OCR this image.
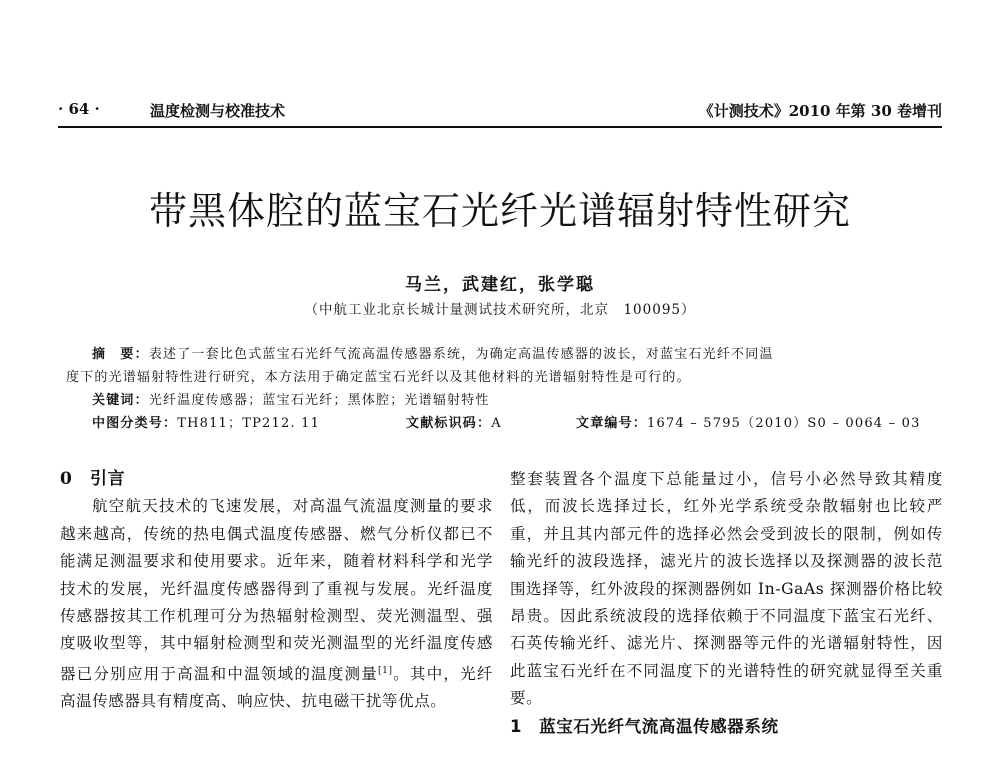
· 64 ·	温度检测与校准技术	《计测技术》2010 年第 30 卷增刊
带黑体腔的蓝宝石光纤光谱辐射特性研究
马兰，武建红，张学聪
（中航工业北京长城计量测试技术研究所，北京　100095）
摘　要：表述了一套比色式蓝宝石光纤气流高温传感器系统，为确定高温传感器的波长，对蓝宝石光纤不同温
度下的光谱辐射特性进行研究，本方法用于确定蓝宝石光纤以及其他材料的光谱辐射特性是可行的。
关键词：光纤温度传感器；蓝宝石光纤；黑体腔；光谱辐射特性
中图分类号：TH811；TP212. 11	文献标识码：A	文章编号：1674 – 5795（2010）S0 – 0064 – 03
0　引言
航空航天技术的飞速发展，对高温气流温度测量的要求越来越高，传统的热电偶式温度传感器、燃气分析仪都已不能满足测温要求和使用要求。近年来，随着材料科学和光学技术的发展，光纤温度传感器得到了重视与发展。光纤温度传感器按其工作机理可分为热辐射检测型、荧光测温型、强度吸收型等，其中辐射检测型和荧光测温型的光纤温度传感器已分别应用于高温和中温领域的温度测量[1]。其中，光纤高温传感器具有精度高、响应快、抗电磁干扰等优点。
整套装置各个温度下总能量过小，信号小必然导致其精度低，而波长选择过长，红外光学系统受杂散辐射也比较严重，并且其内部元件的选择必然会受到波长的限制，例如传输光纤的波段选择，滤光片的波长选择以及探测器的波长范围选择等，红外波段的探测器例如 In-GaAs 探测器价格比较昂贵。因此系统波段的选择依赖于不同温度下蓝宝石光纤、石英传输光纤、滤光片、探测器等元件的光谱辐射特性，因此蓝宝石光纤在不同温度下的光谱特性的研究就显得至关重要。
1　蓝宝石光纤气流高温传感器系统
